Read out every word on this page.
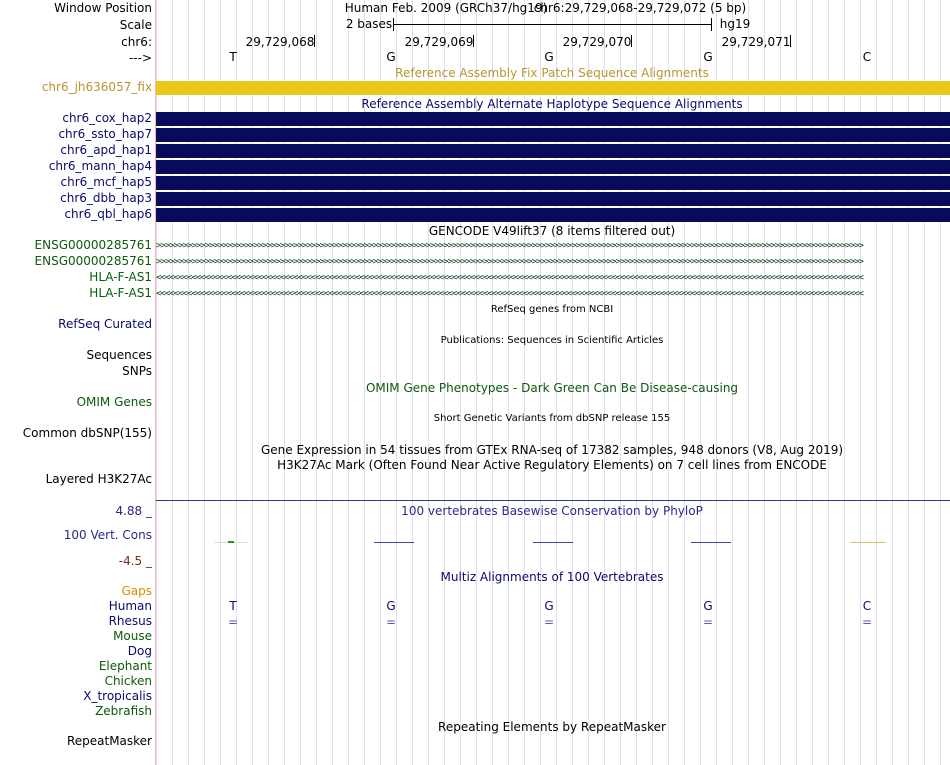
Window Position
Scale
chr6:
--->
chr6_jh636057_fix
chr6_cox_hap2
chr6_ssto_hap7
chr6_apd_hap1
chr6_mann_hap4
chr6_mcf_hap5
chr6_dbb_hap3
chr6_qbl_hap6
ENSG00000285761
ENSG00000285761
HLA-F-AS1
HLA-F-AS1
RefSeq Curated
Sequences
SNPs
OMIM Genes
Common dbSNP(155)
Layered H3K27Ac
4.88 _
100 Vert. Cons
-4.5 _
Gaps
Human
Rhesus
Mouse
Dog
Elephant
Chicken
X_tropicalis
Zebrafish
RepeatMasker
Human Feb. 2009 (GRCh37/hg19)
chr6:29,729,068-29,729,072 (5 bp)
2 bases	hg19
29,729,068	29,729,069	29,729,070	29,729,071
T	G	G	G	C
Reference Assembly Fix Patch Sequence Alignments
Reference Assembly Alternate Haplotype Sequence Alignments
GENCODE V49lift37 (8 items filtered out)
>>>>>>>>>>>>>>>>>>>>>>>>>>>>>>>>>>>>>>>>>>>>>>>>>>>>>>>>>>>>>>>>>>>>>>>>>>>>>>>>>>>>>>>>>>>>>>>>>>>>>>>>>>>>>>>>>>>>>>>>>>>>>>>>>>>>>>>>>>>>>>>>>>>>>>>>>>>>>>>>
>>>>>>>>>>>>>>>>>>>>>>>>>>>>>>>>>>>>>>>>>>>>>>>>>>>>>>>>>>>>>>>>>>>>>>>>>>>>>>>>>>>>>>>>>>>>>>>>>>>>>>>>>>>>>>>>>>>>>>>>>>>>>>>>>>>>>>>>>>>>>>>>>>>>>>>>>>>>>>>>
<<<<<<<<<<<<<<<<<<<<<<<<<<<<<<<<<<<<<<<<<<<<<<<<<<<<<<<<<<<<<<<<<<<<<<<<<<<<<<<<<<<<<<<<<<<<<<<<<<<<<<<<<<<<<<<<<<<<<<<<<<<<<<<<<<<<<<<<<<<<<<<<<<<<<<<<<<<<<<<<
<<<<<<<<<<<<<<<<<<<<<<<<<<<<<<<<<<<<<<<<<<<<<<<<<<<<<<<<<<<<<<<<<<<<<<<<<<<<<<<<<<<<<<<<<<<<<<<<<<<<<<<<<<<<<<<<<<<<<<<<<<<<<<<<<<<<<<<<<<<<<<<<<<<<<<<<<<<<<<<<
RefSeq genes from NCBI
Publications: Sequences in Scientific Articles
OMIM Gene Phenotypes - Dark Green Can Be Disease-causing
Short Genetic Variants from dbSNP release 155
Gene Expression in 54 tissues from GTEx RNA-seq of 17382 samples, 948 donors (V8, Aug 2019)
H3K27Ac Mark (Often Found Near Active Regulatory Elements) on 7 cell lines from ENCODE
100 vertebrates Basewise Conservation by PhyloP
Multiz Alignments of 100 Vertebrates
T	G	G	G	C
=	=	=	=	=
Repeating Elements by RepeatMasker
